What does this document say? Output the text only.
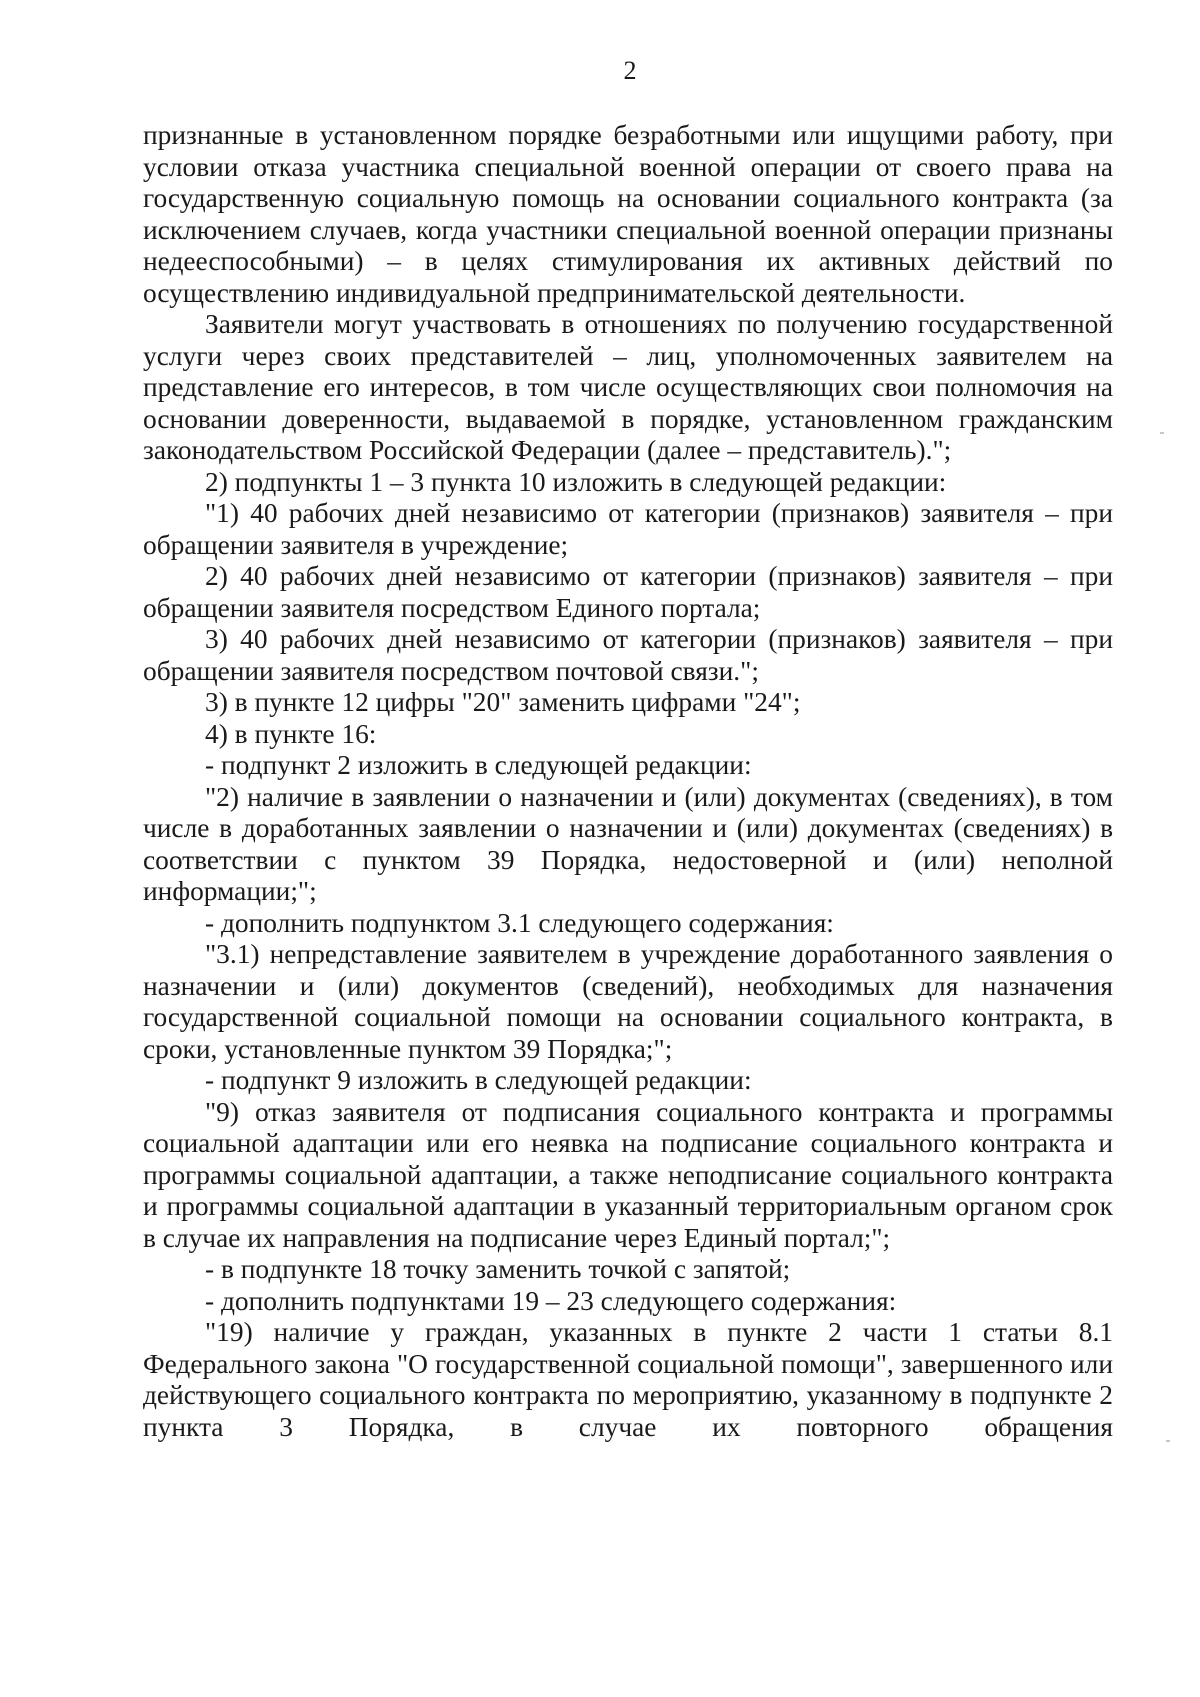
2

признанные в установленном порядке безработными или ищущими работу, при условии отказа участника специальной военной операции от своего права на государственную социальную помощь на основании социального контракта (за исключением случаев, когда участники специальной военной операции признаны недееспособными) – в целях стимулирования их активных действий по осуществлению индивидуальной предпринимательской деятельности.

Заявители могут участвовать в отношениях по получению государственной услуги через своих представителей – лиц, уполномоченных заявителем на представление его интересов, в том числе осуществляющих свои полномочия на основании доверенности, выдаваемой в порядке, установленном гражданским законодательством Российской Федерации (далее – представитель).";

2) подпункты 1 – 3 пункта 10 изложить в следующей редакции:

"1) 40 рабочих дней независимо от категории (признаков) заявителя – при обращении заявителя в учреждение;

2) 40 рабочих дней независимо от категории (признаков) заявителя – при обращении заявителя посредством Единого портала;

3) 40 рабочих дней независимо от категории (признаков) заявителя – при обращении заявителя посредством почтовой связи.";

3) в пункте 12 цифры "20" заменить цифрами "24";

4) в пункте 16:

- подпункт 2 изложить в следующей редакции:

"2) наличие в заявлении о назначении и (или) документах (сведениях), в том числе в доработанных заявлении о назначении и (или) документах (сведениях) в соответствии с пунктом 39 Порядка, недостоверной и (или) неполной информации;";

- дополнить подпунктом 3.1 следующего содержания:

"3.1) непредставление заявителем в учреждение доработанного заявления о назначении и (или) документов (сведений), необходимых для назначения государственной социальной помощи на основании социального контракта, в сроки, установленные пунктом 39 Порядка;";

- подпункт 9 изложить в следующей редакции:

"9) отказ заявителя от подписания социального контракта и программы социальной адаптации или его неявка на подписание социального контракта и программы социальной адаптации, а также неподписание социального контракта и программы социальной адаптации в указанный территориальным органом срок в случае их направления на подписание через Единый портал;";

- в подпункте 18 точку заменить точкой с запятой;

- дополнить подпунктами 19 – 23 следующего содержания:

"19) наличие у граждан, указанных в пункте 2 части 1 статьи 8.1 Федерального закона "О государственной социальной помощи", завершенного или действующего социального контракта по мероприятию, указанному в подпункте 2 пункта 3 Порядка, в случае их повторного обращения
